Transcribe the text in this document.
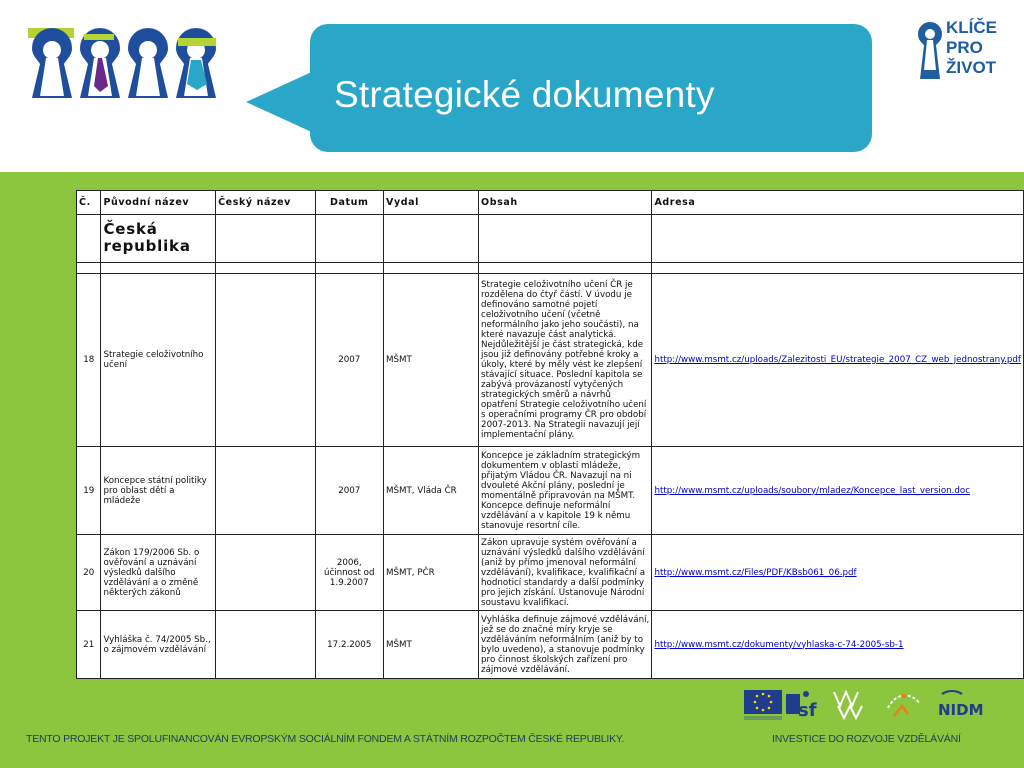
Strategické dokumenty
KLÍČE
PRO
ŽIVOT
Č.	Původní název	Český název	Datum	Vydal	Obsah	Adresa
	Česká republika					

18	Strategie celoživotního učení		2007	MŠMT	Strategie celoživotního učení ČR je rozdělena do čtyř částí. V úvodu je definováno samotné pojetí celoživotního učení (včetně neformálního jako jeho součásti), na které navazuje část analytická. Nejdůležitější je část strategická, kde jsou již definovány potřebné kroky a úkoly, které by měly vést ke zlepšení stávající situace. Poslední kapitola se zabývá provázaností vytyčených strategických směrů a návrhů opatření Strategie celoživotního učení s operačními programy ČR pro období 2007-2013. Na Strategii navazují její implementační plány.	http://www.msmt.cz/uploads/Zalezitosti_EU/strategie_2007_CZ_web_jednostrany.pdf
19	Koncepce státní politiky pro oblast dětí a mládeže		2007	MŠMT, Vláda ČR	Koncepce je základním strategickým dokumentem v oblasti mládeže, přijatým Vládou ČR. Navazují na ni dvouleté Akční plány, poslední je momentálně připravován na MŠMT. Koncepce definuje neformální vzdělávání a v kapitole 19 k němu stanovuje resortní cíle.	http://www.msmt.cz/uploads/soubory/mladez/Koncepce_last_version.doc
20	Zákon 179/2006 Sb. o ověřování a uznávání výsledků dalšího vzdělávání a o změně některých zákonů		2006, účinnost od 1.9.2007	MŠMT, PČR	Zákon upravuje systém ověřování a uznávání výsledků dalšího vzdělávání (aniž by přímo jmenoval neformální vzdělávání), kvalifikace, kvalifikační a hodnoticí standardy a další podmínky pro jejich získání. Ustanovuje Národní soustavu kvalifikací.	http://www.msmt.cz/Files/PDF/KBsb061_06.pdf
21	Vyhláška č. 74/2005 Sb., o zájmovém vzdělávání		17.2.2005	MŠMT	Vyhláška definuje zájmové vzdělávání, jež se do značné míry kryje se vzděláváním neformálním (aniž by to bylo uvedeno), a stanovuje podmínky pro činnost školských zařízení pro zájmové vzdělávání.	http://www.msmt.cz/dokumenty/vyhlaska-c-74-2005-sb-1
sf	NIDM
TENTO PROJEKT JE SPOLUFINANCOVÁN EVROPSKÝM SOCIÁLNÍM FONDEM A STÁTNÍM ROZPOČTEM ČESKÉ REPUBLIKY.	INVESTICE DO ROZVOJE VZDĚLÁVÁNÍ
